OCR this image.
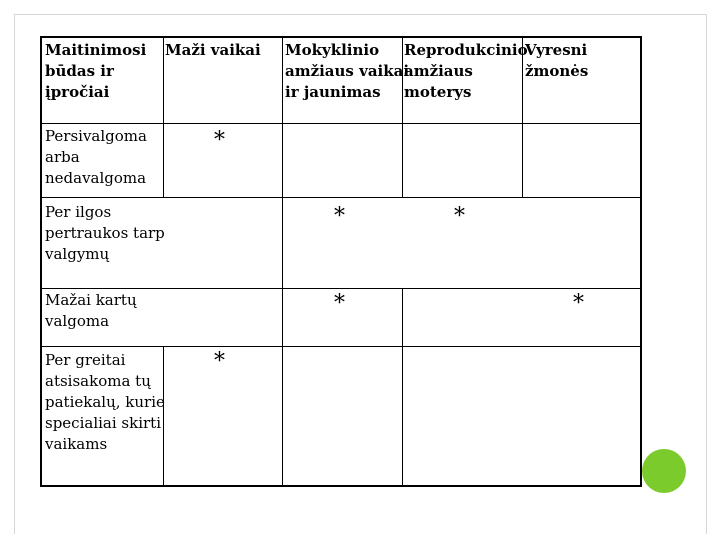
Maitinimosi
būdas ir
įpročiai
Maži vaikai Mokyklinio
amžiaus vaikai
ir jaunimas
Reprodukcinio
amžiaus
moterys
Vyresni
žmonės
Persivalgoma
arba
nedavalgoma
Per ilgos
pertraukos tarp
valgymų
Mažai kartų
valgoma
Per greitai
atsisakoma tų
patiekalų, kurie
specialiai skirti
vaikams
*
*	*
*	*
*
